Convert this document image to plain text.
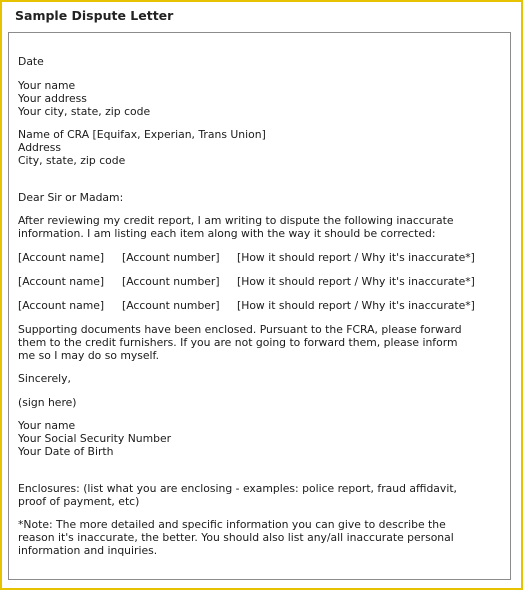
Sample Dispute Letter
Date
Your name
Your address
Your city, state, zip code
Name of CRA [Equifax, Experian, Trans Union]
Address
City, state, zip code
Dear Sir or Madam:
After reviewing my credit report, I am writing to dispute the following inaccurate
information. I am listing each item along with the way it should be corrected:
[Account name] [Account number] [How it should report / Why it's inaccurate*]
[Account name] [Account number] [How it should report / Why it's inaccurate*]
[Account name] [Account number] [How it should report / Why it's inaccurate*]
Supporting documents have been enclosed. Pursuant to the FCRA, please forward
them to the credit furnishers. If you are not going to forward them, please inform
me so I may do so myself.
Sincerely,
(sign here)
Your name
Your Social Security Number
Your Date of Birth
Enclosures: (list what you are enclosing - examples: police report, fraud affidavit,
proof of payment, etc)
*Note: The more detailed and specific information you can give to describe the
reason it's inaccurate, the better. You should also list any/all inaccurate personal
information and inquiries.
